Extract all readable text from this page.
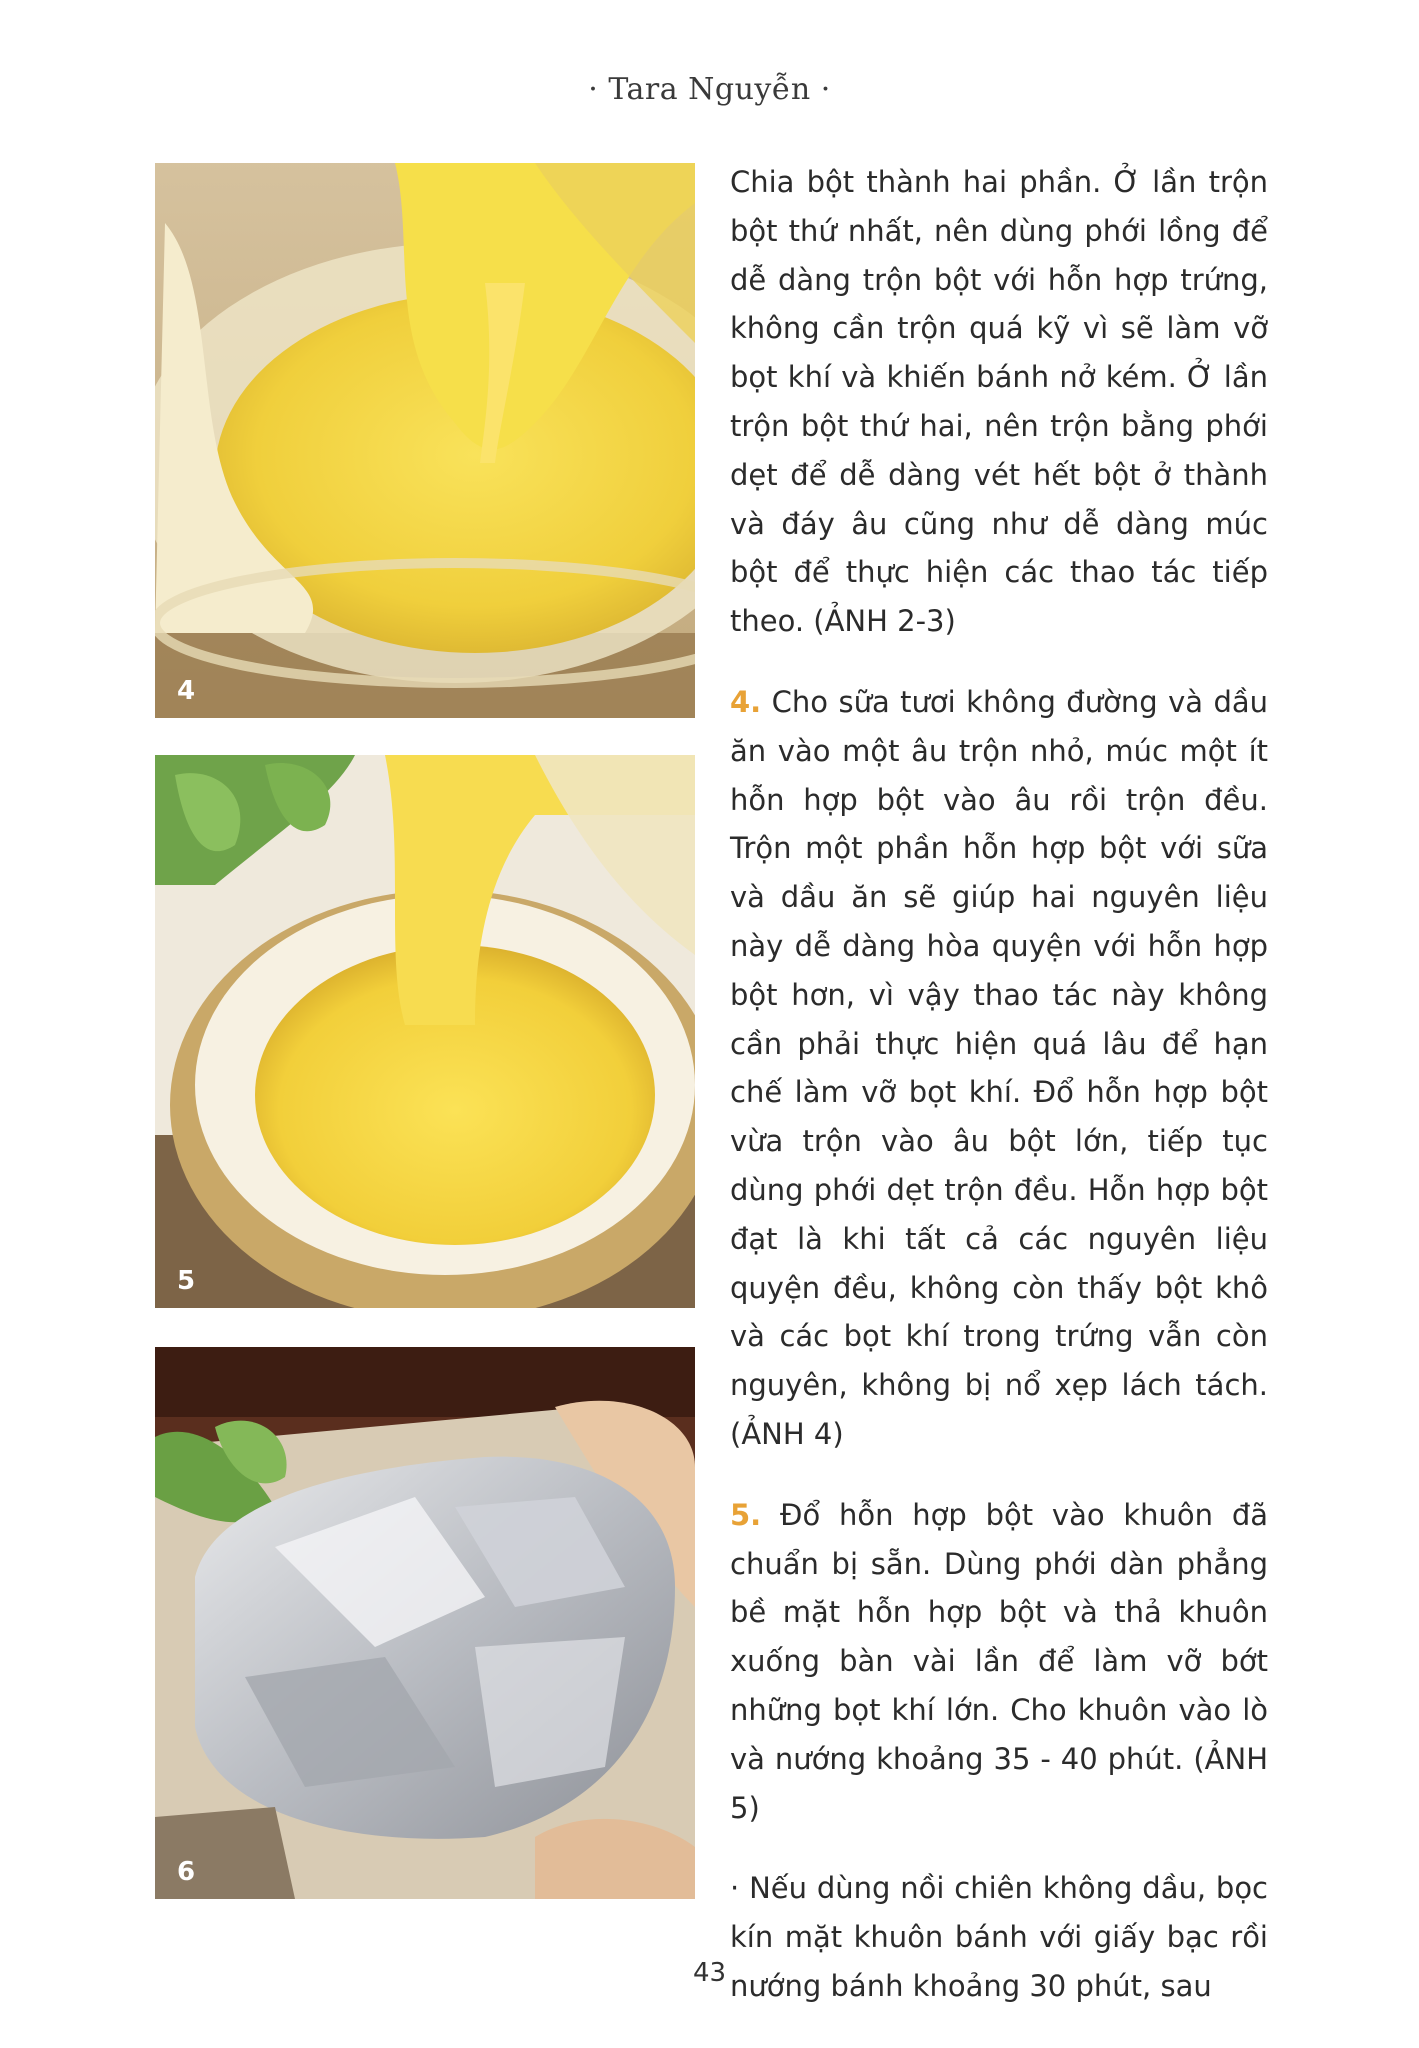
· Tara Nguyễn ·
4
5
6

Chia bột thành hai phần. Ở lần trộn bột thứ nhất, nên dùng phới lồng để dễ dàng trộn bột với hỗn hợp trứng, không cần trộn quá kỹ vì sẽ làm vỡ bọt khí và khiến bánh nở kém. Ở lần trộn bột thứ hai, nên trộn bằng phới dẹt để dễ dàng vét hết bột ở thành và đáy âu cũng như dễ dàng múc bột để thực hiện các thao tác tiếp theo. (ẢNH 2-3)

4. Cho sữa tươi không đường và dầu ăn vào một âu trộn nhỏ, múc một ít hỗn hợp bột vào âu rồi trộn đều. Trộn một phần hỗn hợp bột với sữa và dầu ăn sẽ giúp hai nguyên liệu này dễ dàng hòa quyện với hỗn hợp bột hơn, vì vậy thao tác này không cần phải thực hiện quá lâu để hạn chế làm vỡ bọt khí. Đổ hỗn hợp bột vừa trộn vào âu bột lớn, tiếp tục dùng phới dẹt trộn đều. Hỗn hợp bột đạt là khi tất cả các nguyên liệu quyện đều, không còn thấy bột khô và các bọt khí trong trứng vẫn còn nguyên, không bị nổ xẹp lách tách. (ẢNH 4)

5. Đổ hỗn hợp bột vào khuôn đã chuẩn bị sẵn. Dùng phới dàn phẳng bề mặt hỗn hợp bột và thả khuôn xuống bàn vài lần để làm vỡ bớt những bọt khí lớn. Cho khuôn vào lò và nướng khoảng 35 - 40 phút. (ẢNH 5)

· Nếu dùng nồi chiên không dầu, bọc kín mặt khuôn bánh với giấy bạc rồi nướng bánh khoảng 30 phút, sau

43
